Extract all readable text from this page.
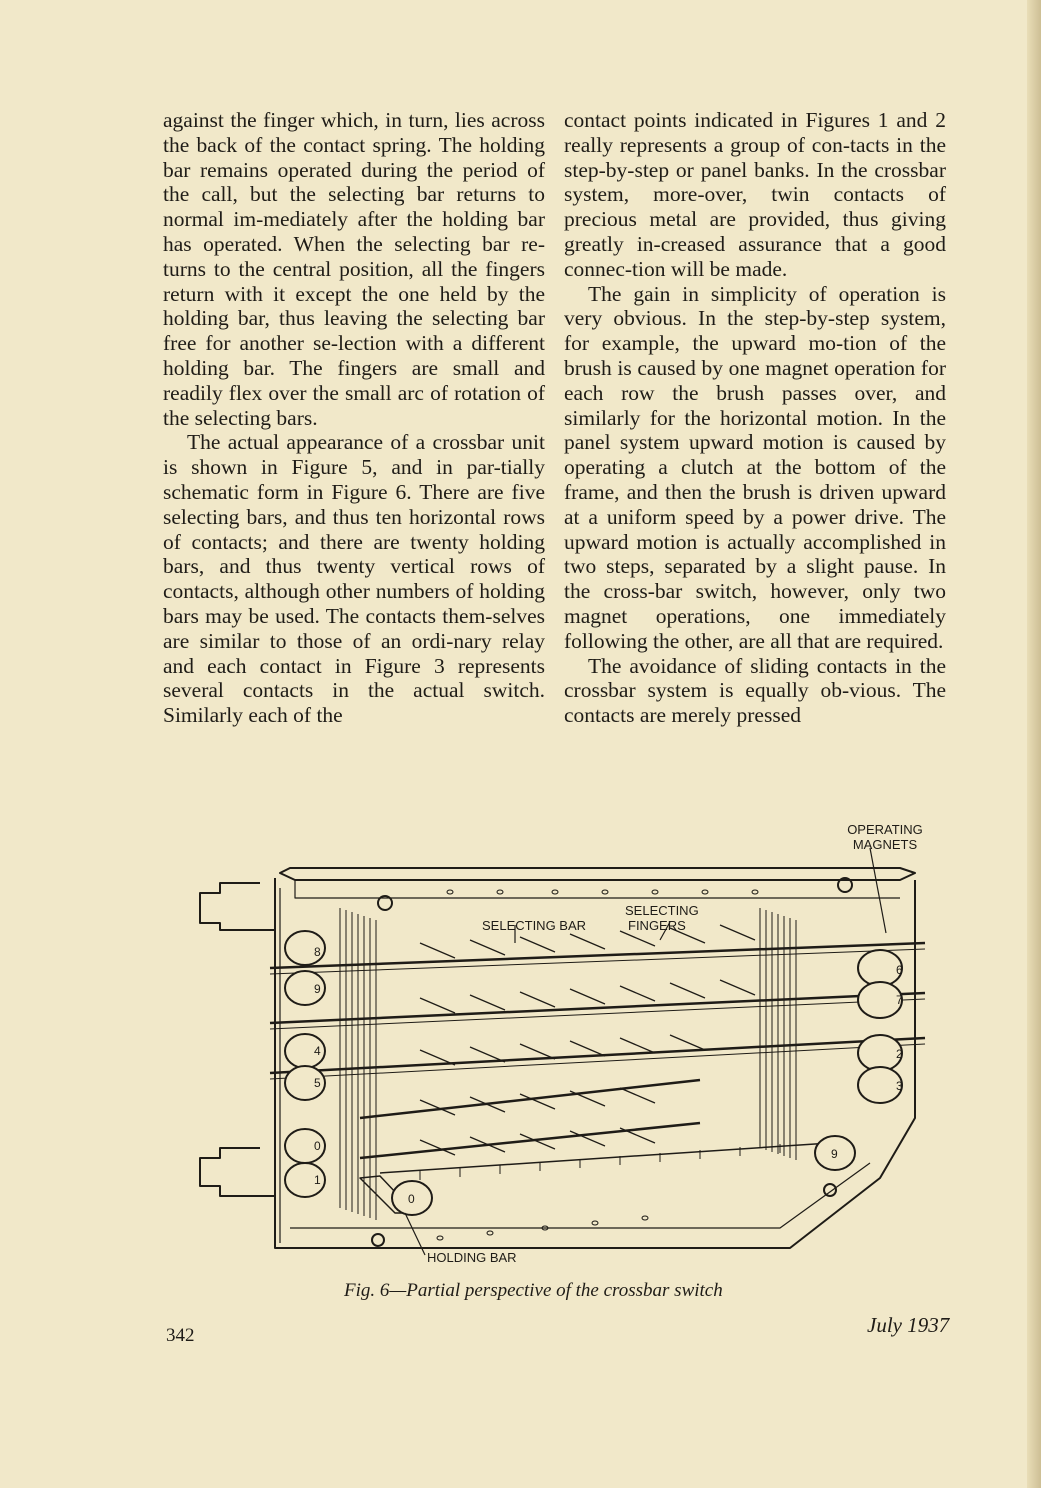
against the finger which, in turn, lies across the back of the contact spring. The holding bar remains operated during the period of the call, but the selecting bar returns to normal im-mediately after the holding bar has operated. When the selecting bar re-turns to the central position, all the fingers return with it except the one held by the holding bar, thus leaving the selecting bar free for another se-lection with a different holding bar. The fingers are small and readily flex over the small arc of rotation of the selecting bars.

The actual appearance of a crossbar unit is shown in Figure 5, and in par-tially schematic form in Figure 6. There are five selecting bars, and thus ten horizontal rows of contacts; and there are twenty holding bars, and thus twenty vertical rows of contacts, although other numbers of holding bars may be used. The contacts them-selves are similar to those of an ordi-nary relay and each contact in Figure 3 represents several contacts in the actual switch. Similarly each of the

contact points indicated in Figures 1 and 2 really represents a group of con-tacts in the step-by-step or panel banks. In the crossbar system, more-over, twin contacts of precious metal are provided, thus giving greatly in-creased assurance that a good connec-tion will be made.

The gain in simplicity of operation is very obvious. In the step-by-step system, for example, the upward mo-tion of the brush is caused by one magnet operation for each row the brush passes over, and similarly for the horizontal motion. In the panel system upward motion is caused by operating a clutch at the bottom of the frame, and then the brush is driven upward at a uniform speed by a power drive. The upward motion is actually accomplished in two steps, separated by a slight pause. In the cross-bar switch, however, only two magnet operations, one immediately following the other, are all that are required.

The avoidance of sliding contacts in the crossbar system is equally ob-vious. The contacts are merely pressed

OPERATING
MAGNETS
SELECTING BAR
SELECTING
FINGERS
HOLDING BAR
8
9
4
5
0
1
6
7
2
3
9
0
Fig. 6—Partial perspective of the crossbar switch
342	July 1937
